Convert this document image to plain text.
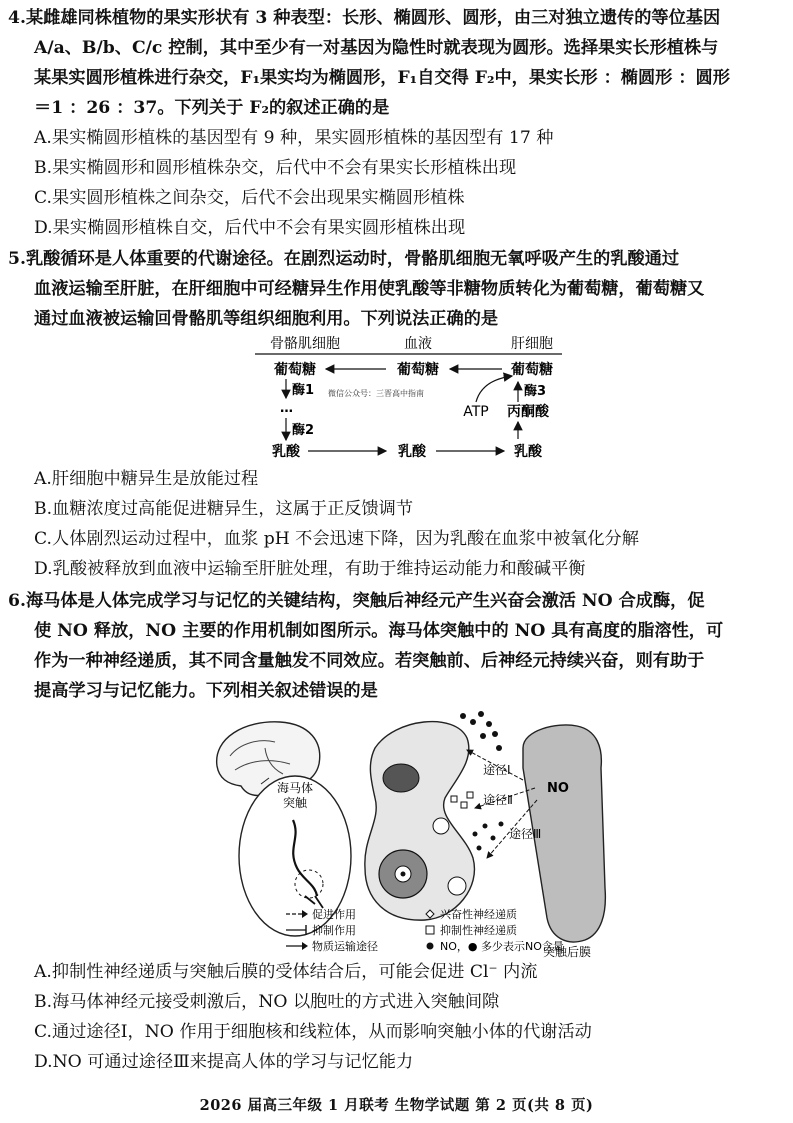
4.某雌雄同株植物的果实形状有 3 种表型：长形、椭圆形、圆形，由三对独立遗传的等位基因
A/a、B/b、C/c 控制，其中至少有一对基因为隐性时就表现为圆形。选择果实长形植株与
某果实圆形植株进行杂交，F₁果实均为椭圆形，F₁自交得 F₂中，果实长形 ：椭圆形 ：圆形
＝1 ：26 ：37。下列关于 F₂的叙述正确的是
A.果实椭圆形植株的基因型有 9 种，果实圆形植株的基因型有 17 种
B.果实椭圆形和圆形植株杂交，后代中不会有果实长形植株出现
C.果实圆形植株之间杂交，后代不会出现果实椭圆形植株
D.果实椭圆形植株自交，后代中不会有果实圆形植株出现
5.乳酸循环是人体重要的代谢途径。在剧烈运动时，骨骼肌细胞无氧呼吸产生的乳酸通过
血液运输至肝脏，在肝细胞中可经糖异生作用使乳酸等非糖物质转化为葡萄糖，葡萄糖又
通过血液被运输回骨骼肌等组织细胞利用。下列说法正确的是
骨骼肌细胞	血液	肝细胞
葡萄糖	葡萄糖	葡萄糖
酶1
…
微信公众号：三晋高中指南
酶2
乳酸	乳酸	乳酸
丙酮酸
ATP
酶3
A.肝细胞中糖异生是放能过程
B.血糖浓度过高能促进糖异生，这属于正反馈调节
C.人体剧烈运动过程中，血浆 pH 不会迅速下降，因为乳酸在血浆中被氧化分解
D.乳酸被释放到血液中运输至肝脏处理，有助于维持运动能力和酸碱平衡
6.海马体是人体完成学习与记忆的关键结构，突触后神经元产生兴奋会激活 NO 合成酶，促
使 NO 释放，NO 主要的作用机制如图所示。海马体突触中的 NO 具有高度的脂溶性，可
作为一种神经递质，其不同含量触发不同效应。若突触前、后神经元持续兴奋，则有助于
提高学习与记忆能力。下列相关叙述错误的是
海马体
突触
途径Ⅰ
途径Ⅱ
NO
途径Ⅲ
突触后膜
促进作用
抑制作用
物质运输途径
兴奋性神经递质
抑制性神经递质
NO，● 多少表示NO含量
A.抑制性神经递质与突触后膜的受体结合后，可能会促进 Cl⁻ 内流
B.海马体神经元接受刺激后，NO 以胞吐的方式进入突触间隙
C.通过途径Ⅰ，NO 作用于细胞核和线粒体，从而影响突触小体的代谢活动
D.NO 可通过途径Ⅲ来提高人体的学习与记忆能力
2026 届高三年级 1 月联考 生物学试题 第 2 页(共 8 页)
